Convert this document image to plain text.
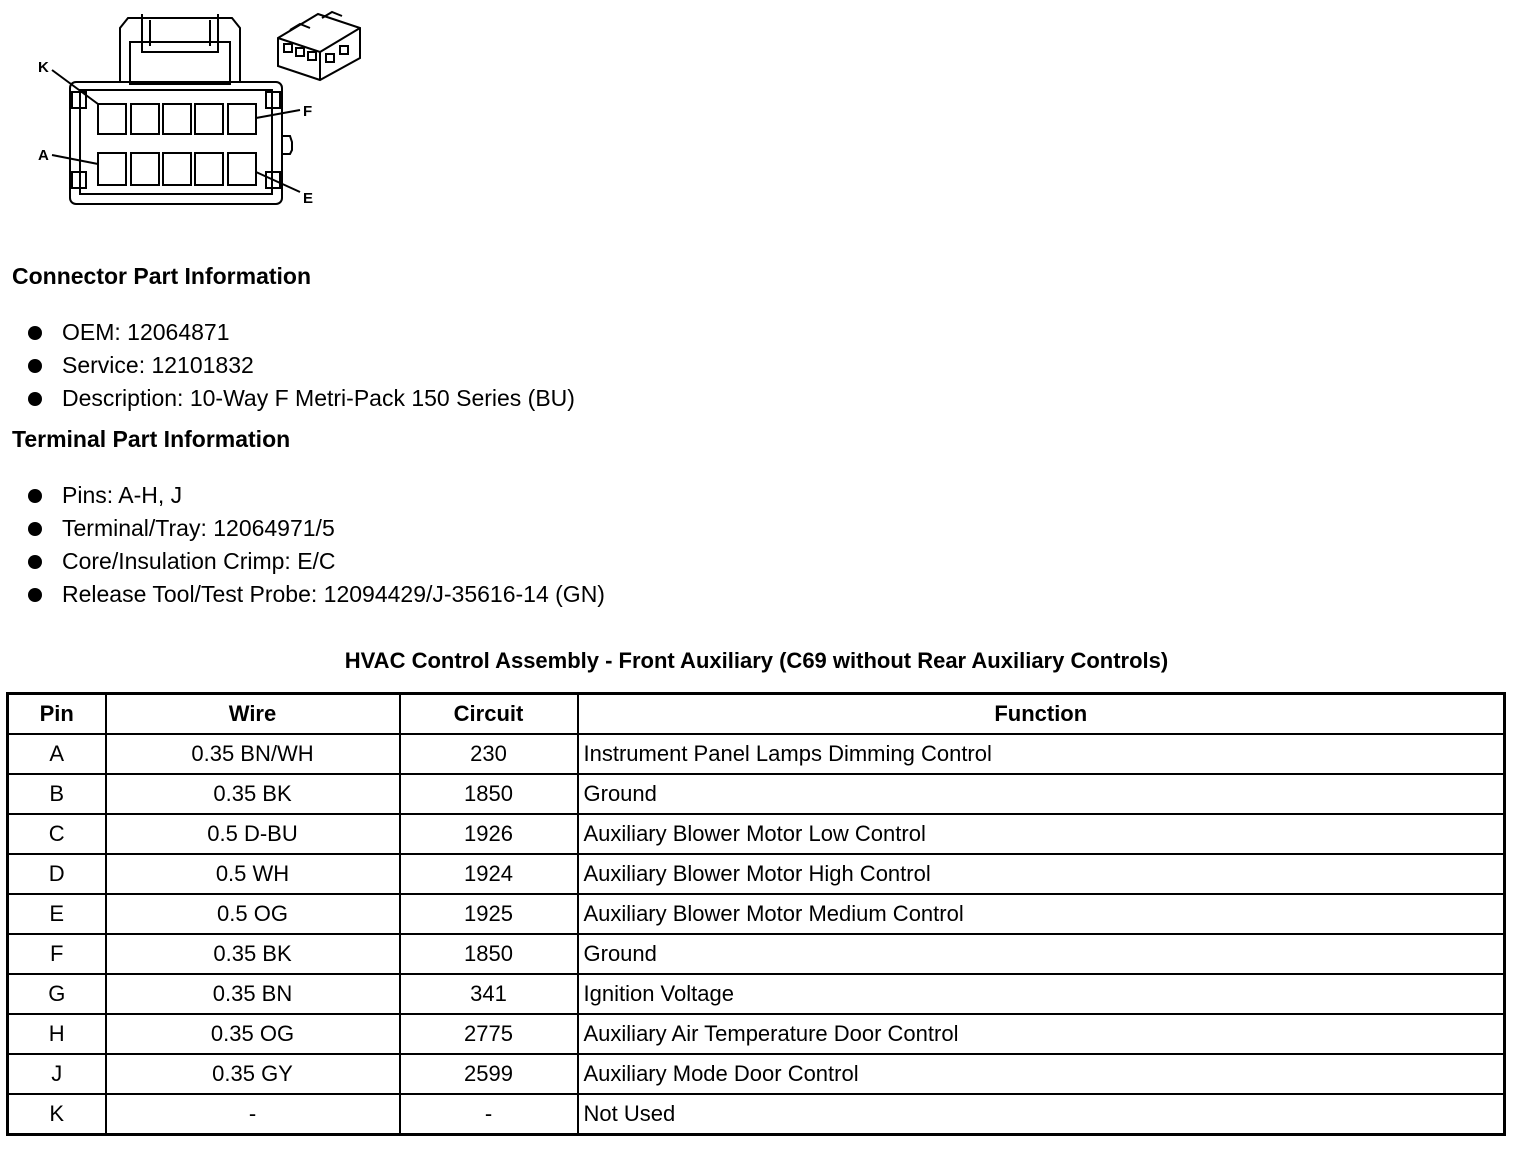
K
F
A
E
Connector Part Information
OEM: 12064871
Service: 12101832
Description: 10-Way F Metri-Pack 150 Series (BU)
Terminal Part Information
Pins: A-H, J
Terminal/Tray: 12064971/5
Core/Insulation Crimp: E/C
Release Tool/Test Probe: 12094429/J-35616-14 (GN)
HVAC Control Assembly - Front Auxiliary (C69 without Rear Auxiliary Controls)
Pin	Wire	Circuit	Function
A	0.35 BN/WH	230	Instrument Panel Lamps Dimming Control
B	0.35 BK	1850	Ground
C	0.5 D-BU	1926	Auxiliary Blower Motor Low Control
D	0.5 WH	1924	Auxiliary Blower Motor High Control
E	0.5 OG	1925	Auxiliary Blower Motor Medium Control
F	0.35 BK	1850	Ground
G	0.35 BN	341	Ignition Voltage
H	0.35 OG	2775	Auxiliary Air Temperature Door Control
J	0.35 GY	2599	Auxiliary Mode Door Control
K	-	-	Not Used
